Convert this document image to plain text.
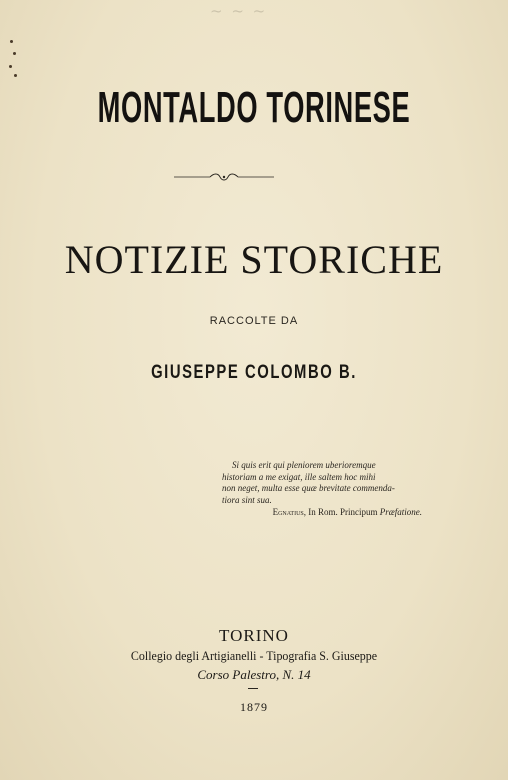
~ ~ ~
MONTALDO TORINESE
NOTIZIE STORICHE
RACCOLTE DA
GIUSEPPE COLOMBO B.
Si quis erit qui pleniorem uberioremque
historiam a me exigat, ille saltem hoc mihi
non neget, multa esse quæ brevitate commenda-
tiora sint sua.
Egnatius, In Rom. Principum Præfatione.
TORINO
Collegio degli Artigianelli - Tipografia S. Giuseppe
Corso Palestro, N. 14
1879
